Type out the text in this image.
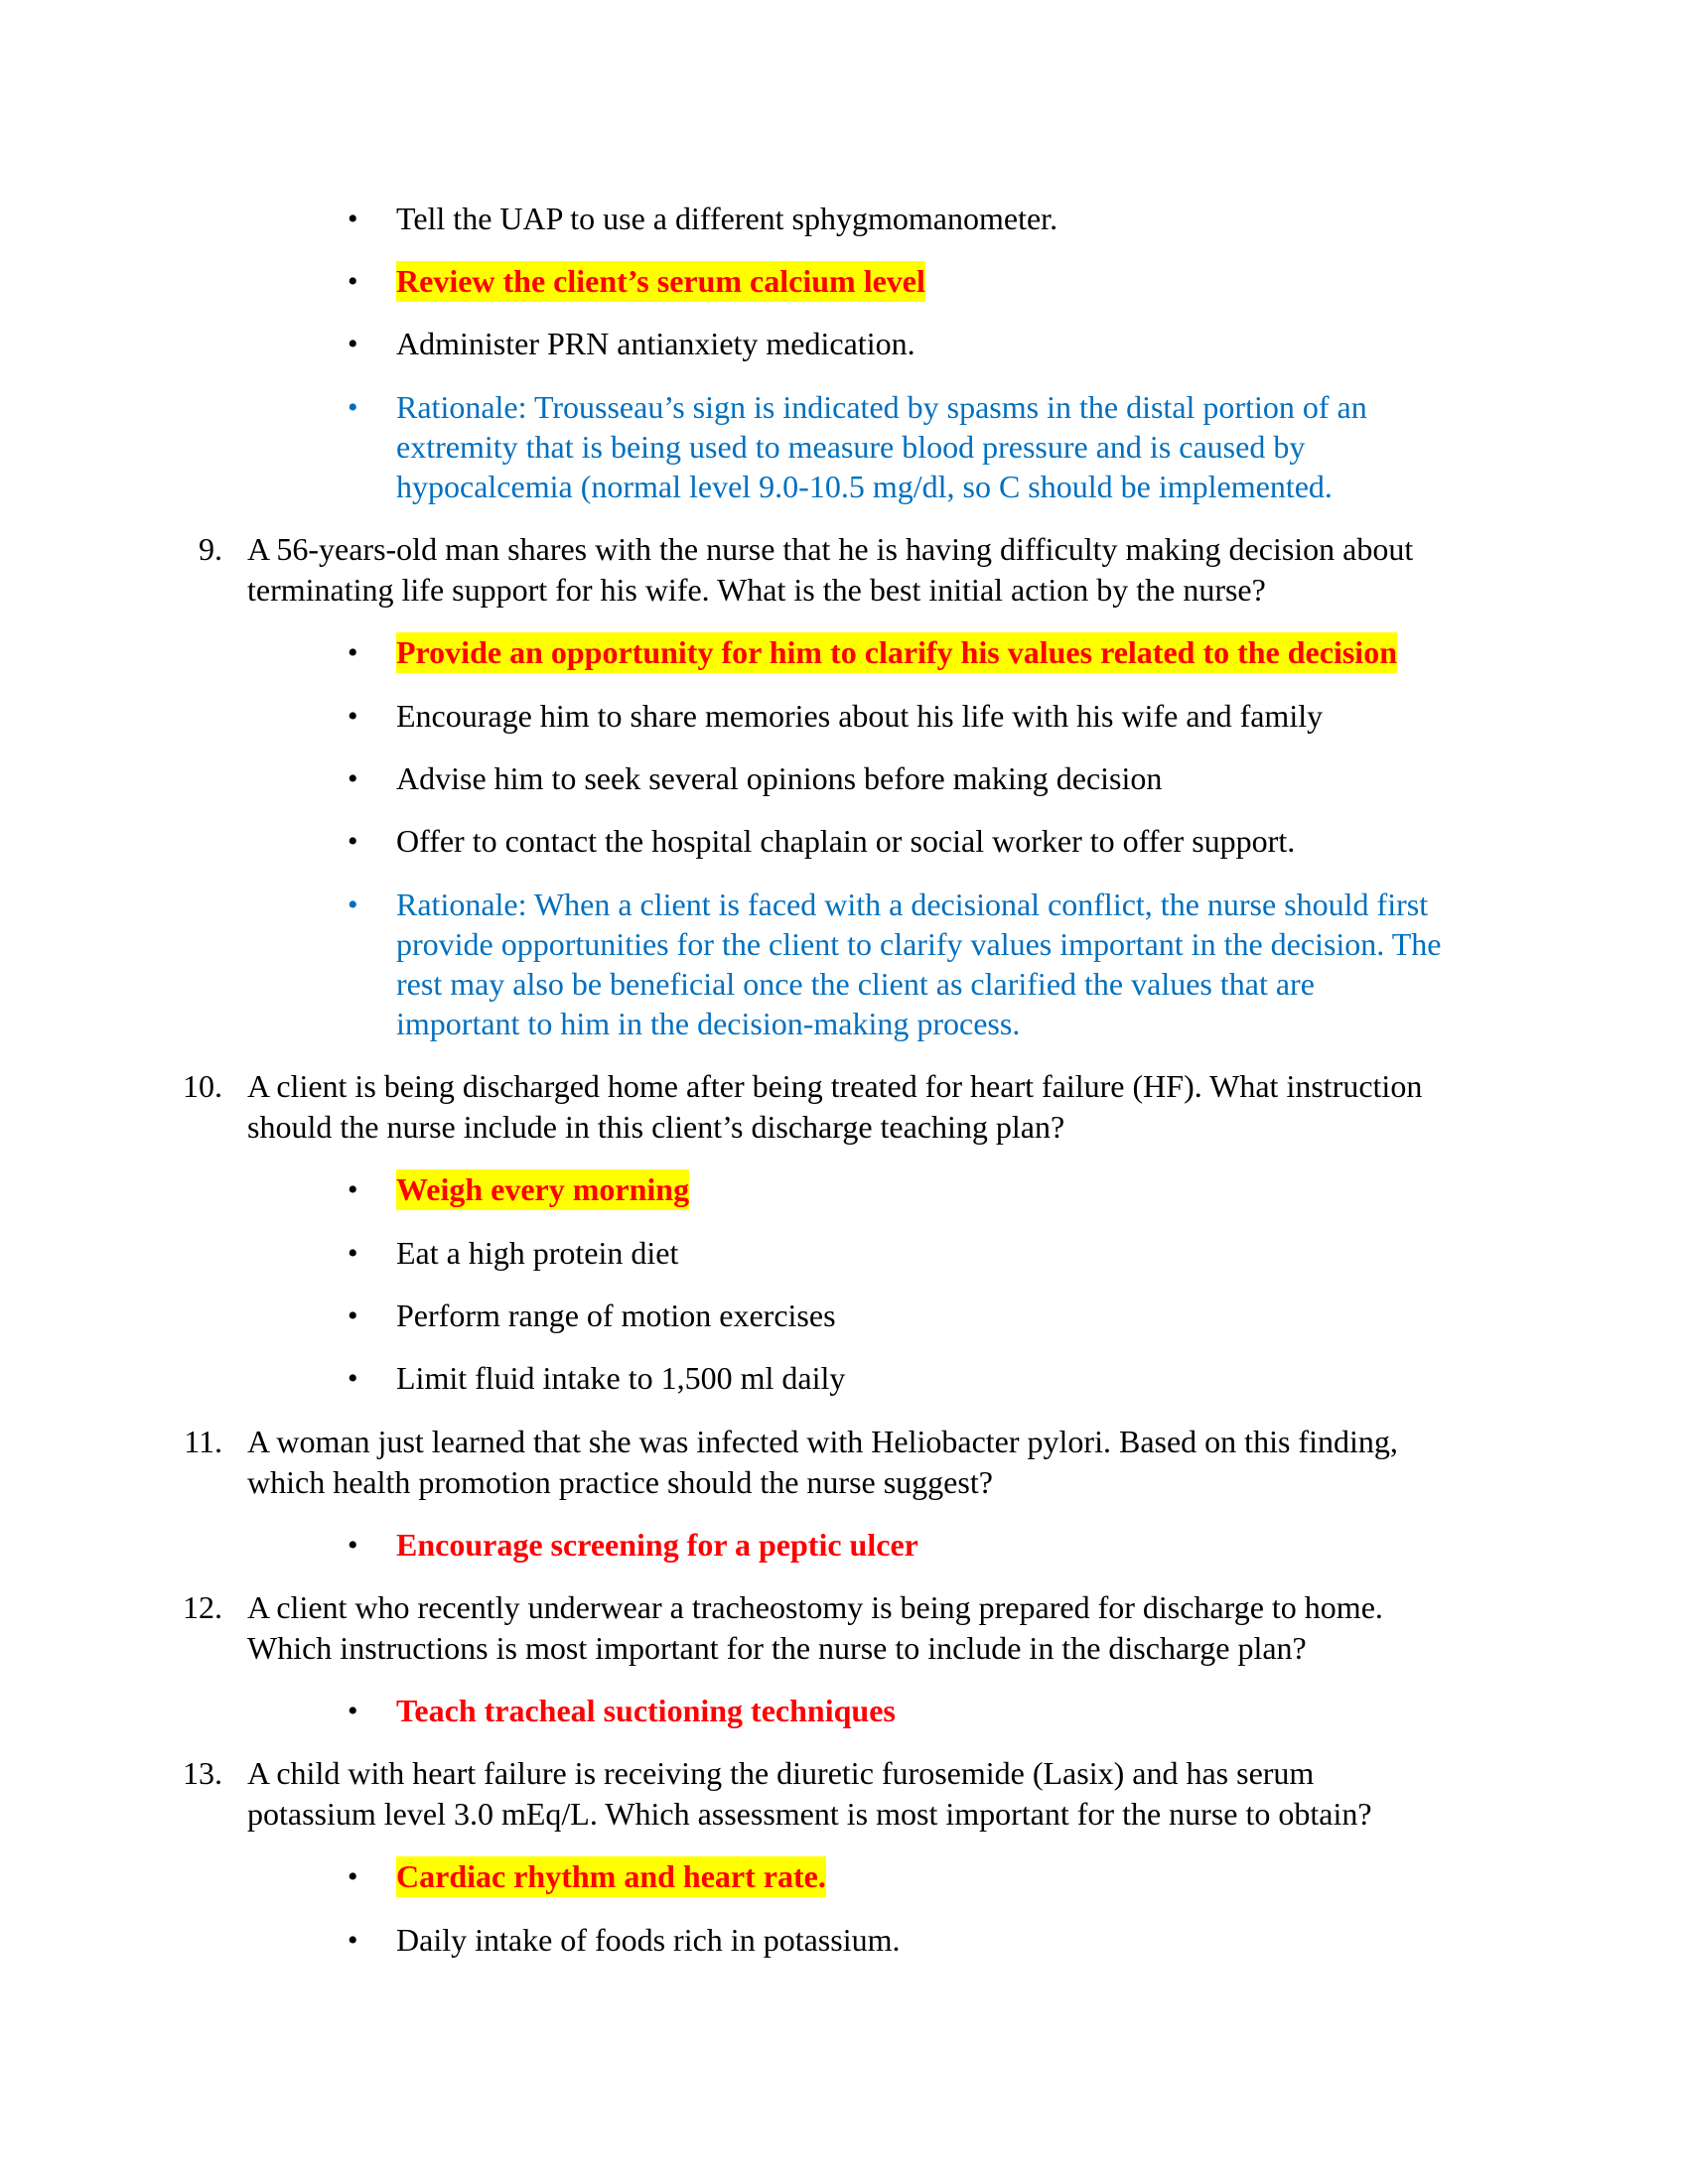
• Tell the UAP to use a different sphygmomanometer.
• Review the client’s serum calcium level
• Administer PRN antianxiety medication.
• Rationale: Trousseau’s sign is indicated by spasms in the distal portion of an
extremity that is being used to measure blood pressure and is caused by
hypocalcemia (normal level 9.0-10.5 mg/dl, so C should be implemented.
9. A 56-years-old man shares with the nurse that he is having difficulty making decision about
terminating life support for his wife. What is the best initial action by the nurse?
• Provide an opportunity for him to clarify his values related to the decision
• Encourage him to share memories about his life with his wife and family
• Advise him to seek several opinions before making decision
• Offer to contact the hospital chaplain or social worker to offer support.
• Rationale: When a client is faced with a decisional conflict, the nurse should first
provide opportunities for the client to clarify values important in the decision. The
rest may also be beneficial once the client as clarified the values that are
important to him in the decision-making process.
10. A client is being discharged home after being treated for heart failure (HF). What instruction
should the nurse include in this client’s discharge teaching plan?
• Weigh every morning
• Eat a high protein diet
• Perform range of motion exercises
• Limit fluid intake to 1,500 ml daily
11. A woman just learned that she was infected with Heliobacter pylori. Based on this finding,
which health promotion practice should the nurse suggest?
• Encourage screening for a peptic ulcer
12. A client who recently underwear a tracheostomy is being prepared for discharge to home.
Which instructions is most important for the nurse to include in the discharge plan?
• Teach tracheal suctioning techniques
13. A child with heart failure is receiving the diuretic furosemide (Lasix) and has serum
potassium level 3.0 mEq/L. Which assessment is most important for the nurse to obtain?
• Cardiac rhythm and heart rate.
• Daily intake of foods rich in potassium.
